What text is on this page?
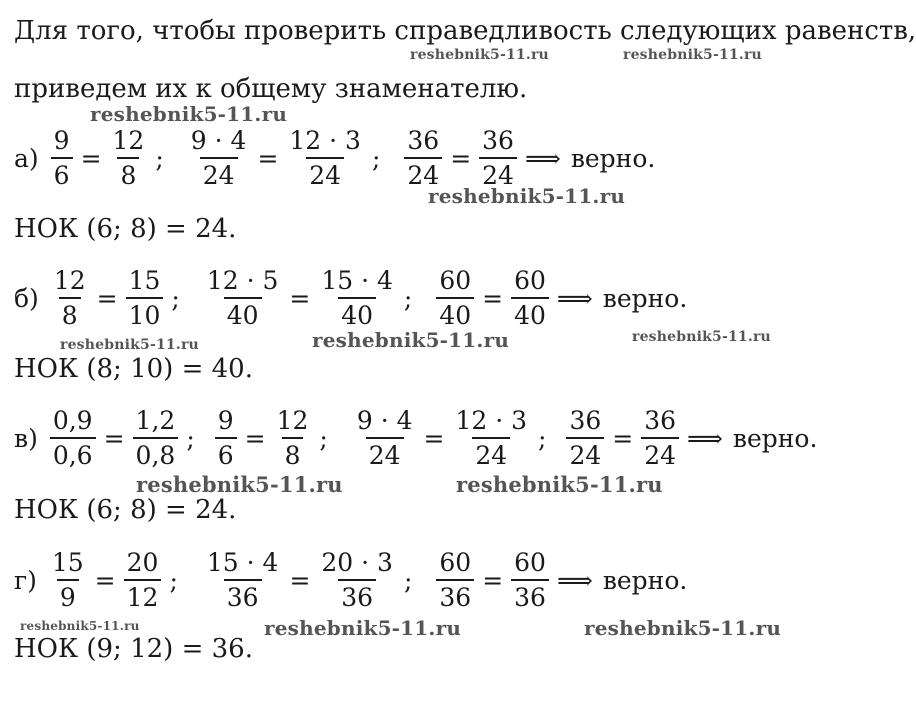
Для того, чтобы проверить справедливость следующих равенств,
приведем их к общему знаменателю.
$а) \frac{9}{6} = \frac{12}{8}$ ; $\frac{9 \cdot 4}{24} = \frac{12 \cdot 3}{24}$ ; $\frac{36}{24} = \frac{36}{24}$ ⟹ верно.
НОК (6; 8) = 24.
$б) \frac{12}{8} = \frac{15}{10}$ ; $\frac{12 \cdot 5}{40} = \frac{15 \cdot 4}{40}$ ; $\frac{60}{40} = \frac{60}{40}$ ⟹ верно.
НОК (8; 10) = 40.
$в) \frac{0,9}{0,6} = \frac{1,2}{0,8}$ ; $\frac{9}{6} = \frac{12}{8}$ ; $\frac{9 \cdot 4}{24} = \frac{12 \cdot 3}{24}$ ; $\frac{36}{24} = \frac{36}{24}$ ⟹ верно.
НОК (6; 8) = 24.
$г) \frac{15}{9} = \frac{20}{12}$ ; $\frac{15 \cdot 4}{36} = \frac{20 \cdot 3}{36}$ ; $\frac{60}{36} = \frac{60}{36}$ ⟹ верно.
НОК (9; 12) = 36.
reshebnik5-11.ru	reshebnik5-11.ru
reshebnik5-11.ru
reshebnik5-11.ru
reshebnik5-11.ru	reshebnik5-11.ru	reshebnik5-11.ru
reshebnik5-11.ru	reshebnik5-11.ru
reshebnik5-11.ru	reshebnik5-11.ru	reshebnik5-11.ru
